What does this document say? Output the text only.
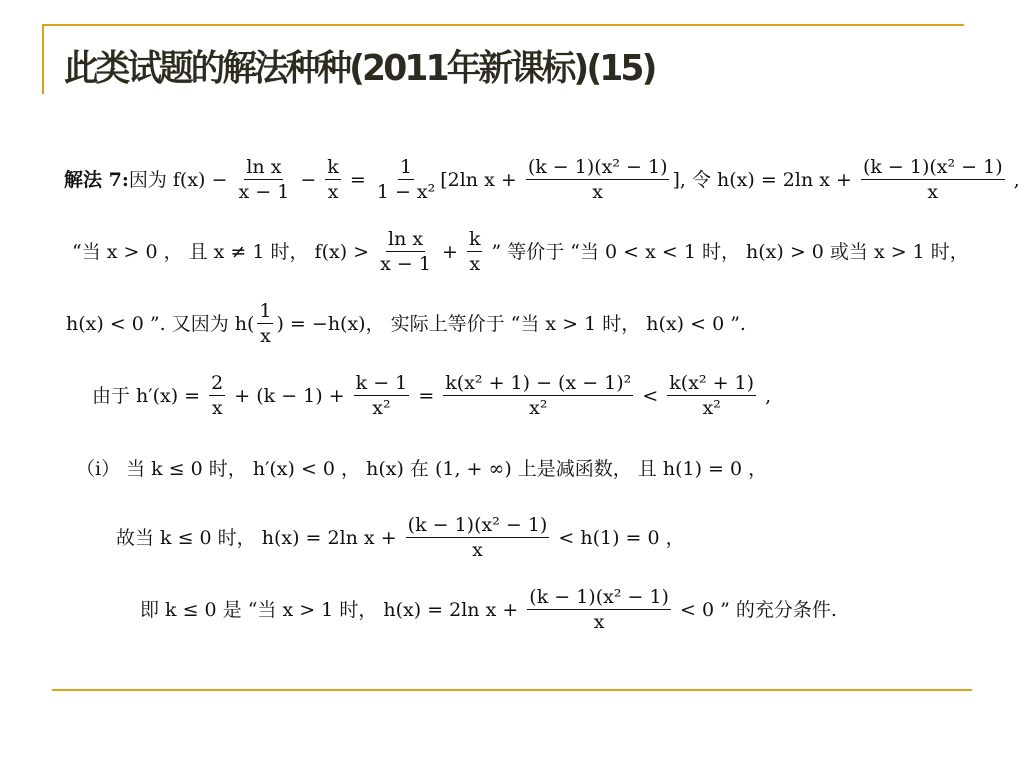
此类试题的解法种种(2011年新课标)(15)
解法 7: 因为 $f(x) - \frac{\text{ln x}}{x - 1} - \frac{k}{x} = \frac{1}{\text{1 − x²}} [2\ln$ $x + \frac{\text{(k − 1)(x² − 1)}}{x}$ ], 令 h(x) = 2ln $x + \frac{\text{(k − 1)(x² − 1)}}{x}$ ,
“当 x > 0 ， 且 x ≠ 1 时， $f(x) > \frac{\text{ln x}}{x - 1} + \frac{k}{x}$ ” 等价于 “当 0 < x < 1 时， h(x) > 0 或当 x > 1 时，
h(x) < 0 ”. 又因为 $h( \frac{1}{x}$ ) = −h(x)， 实际上等价于 “当 x > 1 时， h(x) < 0 ”.
由于 $h'(x) = \frac{2}{x} + (k - 1) + \frac{k - 1}{\text{x²}} = \frac{\text{k(x² + 1) − (x − 1)²}}{\text{x²}} < \frac{\text{k(x² + 1)}}{\text{x²}}$ ,
（i） 当 k ≤ 0 时， h′(x) < 0 ， h(x) 在 (1, + ∞) 上是减函数， 且 h(1) = 0 ，
故当 k ≤ 0 时， h(x) = 2ln $x + \frac{\text{(k − 1)(x² − 1)}}{x} < h(1) = 0$ ，
即 k ≤ 0 是 “当 x > 1 时， h(x) = 2ln $x + \frac{\text{(k − 1)(x² − 1)}}{x} < 0$ ” 的充分条件.
